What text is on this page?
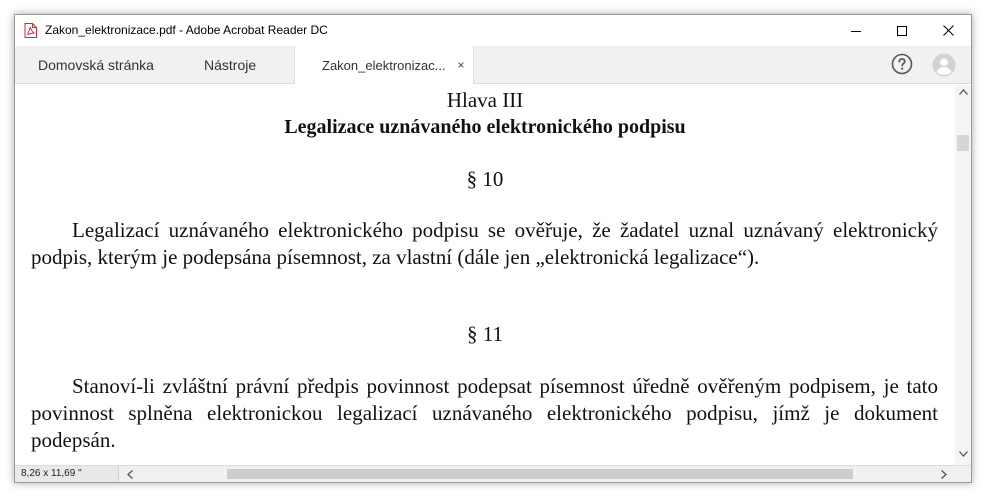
Zakon_elektronizace.pdf - Adobe Acrobat Reader DC
Domovská stránka	Nástroje	Zakon_elektronizac... ×
Hlava III
Legalizace uznávaného elektronického podpisu
§ 10
Legalizací uznávaného elektronického podpisu se ověřuje, že žadatel uznal uznávaný elektronický podpis, kterým je podepsána písemnost, za vlastní (dále jen „elektronická legalizace“).
§ 11
Stanoví-li zvláštní právní předpis povinnost podepsat písemnost úředně ověřeným podpisem, je tato povinnost splněna elektronickou legalizací uznávaného elektronického podpisu, jímž je dokument podepsán.
8,26 x 11,69 "
